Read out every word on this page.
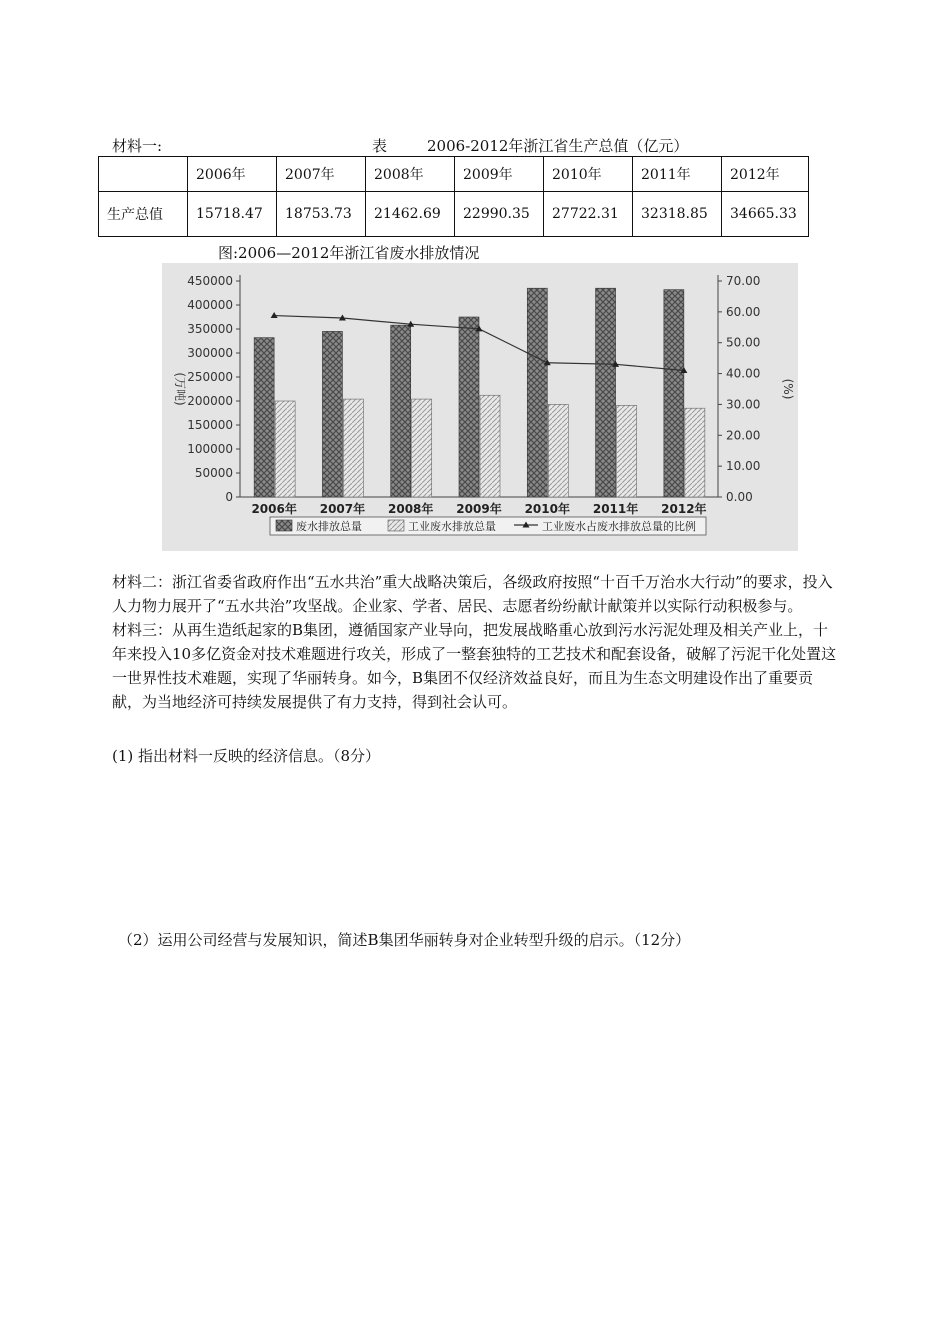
材料一:	表	2006-2012年浙江省生产总值（亿元）
	2006年	2007年	2008年	2009年	2010年	2011年	2012年
生产总值	15718.47	18753.73	21462.69	22990.35	27722.31	32318.85	34665.33
图:2006—2012年浙江省废水排放情况
0
50000
100000
150000
200000
250000
300000
350000
400000
450000
0.00
10.00
20.00
30.00
40.00
50.00
60.00
70.00
(万吨)	(%)
2006年 2007年 2008年 2009年 2010年 2011年 2012年
废水排放总量	工业废水排放总量	工业废水占废水排放总量的比例

材料二：浙江省委省政府作出“五水共治”重大战略决策后，各级政府按照“十百千万治水大行动”的要求，投入人力物力展开了“五水共治”攻坚战。企业家、学者、居民、志愿者纷纷献计献策并以实际行动积极参与。

材料三：从再生造纸起家的B集团，遵循国家产业导向，把发展战略重心放到污水污泥处理及相关产业上，十年来投入10多亿资金对技术难题进行攻关，形成了一整套独特的工艺技术和配套设备，破解了污泥干化处置这一世界性技术难题，实现了华丽转身。如今，B集团不仅经济效益良好，而且为生态文明建设作出了重要贡献，为当地经济可持续发展提供了有力支持，得到社会认可。

(1) 指出材料一反映的经济信息。（8分）
（2）运用公司经营与发展知识，简述B集团华丽转身对企业转型升级的启示。（12分）
